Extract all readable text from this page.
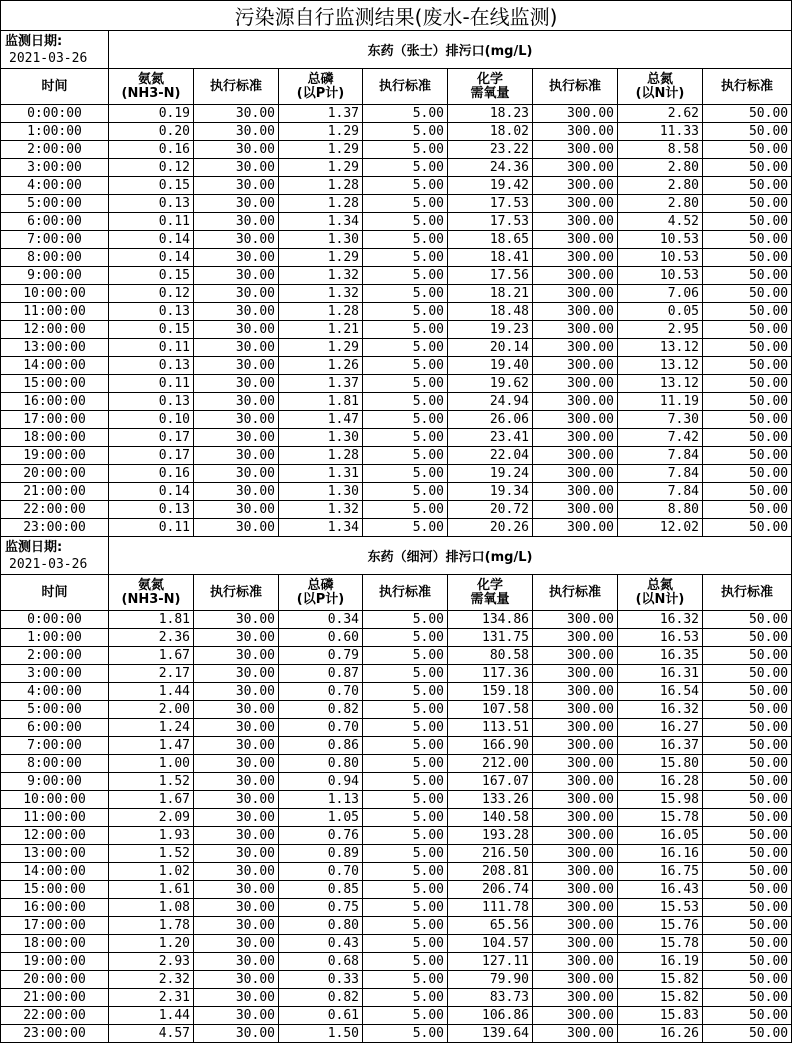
污染源自行监测结果(废水-在线监测)								

监测日期:
2021-03-26	东药（张士）排污口(mg/L)							
时间	氨氮
(NH3-N)	执行标准	总磷
(以P计)	执行标准	化学
需氧量	执行标准	总氮
(以N计)	执行标准
0:00:00	0.19	30.00	1.37	5.00	18.23	300.00	2.62	50.00
1:00:00	0.20	30.00	1.29	5.00	18.02	300.00	11.33	50.00
2:00:00	0.16	30.00	1.29	5.00	23.22	300.00	8.58	50.00
3:00:00	0.12	30.00	1.29	5.00	24.36	300.00	2.80	50.00
4:00:00	0.15	30.00	1.28	5.00	19.42	300.00	2.80	50.00
5:00:00	0.13	30.00	1.28	5.00	17.53	300.00	2.80	50.00
6:00:00	0.11	30.00	1.34	5.00	17.53	300.00	4.52	50.00
7:00:00	0.14	30.00	1.30	5.00	18.65	300.00	10.53	50.00
8:00:00	0.14	30.00	1.29	5.00	18.41	300.00	10.53	50.00
9:00:00	0.15	30.00	1.32	5.00	17.56	300.00	10.53	50.00
10:00:00	0.12	30.00	1.32	5.00	18.21	300.00	7.06	50.00
11:00:00	0.13	30.00	1.28	5.00	18.48	300.00	0.05	50.00
12:00:00	0.15	30.00	1.21	5.00	19.23	300.00	2.95	50.00
13:00:00	0.11	30.00	1.29	5.00	20.14	300.00	13.12	50.00
14:00:00	0.13	30.00	1.26	5.00	19.40	300.00	13.12	50.00
15:00:00	0.11	30.00	1.37	5.00	19.62	300.00	13.12	50.00
16:00:00	0.13	30.00	1.81	5.00	24.94	300.00	11.19	50.00
17:00:00	0.10	30.00	1.47	5.00	26.06	300.00	7.30	50.00
18:00:00	0.17	30.00	1.30	5.00	23.41	300.00	7.42	50.00
19:00:00	0.17	30.00	1.28	5.00	22.04	300.00	7.84	50.00
20:00:00	0.16	30.00	1.31	5.00	19.24	300.00	7.84	50.00
21:00:00	0.14	30.00	1.30	5.00	19.34	300.00	7.84	50.00
22:00:00	0.13	30.00	1.32	5.00	20.72	300.00	8.80	50.00
23:00:00	0.11	30.00	1.34	5.00	20.26	300.00	12.02	50.00

监测日期:
2021-03-26	东药（细河）排污口(mg/L)							
时间	氨氮
(NH3-N)	执行标准	总磷
(以P计)	执行标准	化学
需氧量	执行标准	总氮
(以N计)	执行标准
0:00:00	1.81	30.00	0.34	5.00	134.86	300.00	16.32	50.00
1:00:00	2.36	30.00	0.60	5.00	131.75	300.00	16.53	50.00
2:00:00	1.67	30.00	0.79	5.00	80.58	300.00	16.35	50.00
3:00:00	2.17	30.00	0.87	5.00	117.36	300.00	16.31	50.00
4:00:00	1.44	30.00	0.70	5.00	159.18	300.00	16.54	50.00
5:00:00	2.00	30.00	0.82	5.00	107.58	300.00	16.32	50.00
6:00:00	1.24	30.00	0.70	5.00	113.51	300.00	16.27	50.00
7:00:00	1.47	30.00	0.86	5.00	166.90	300.00	16.37	50.00
8:00:00	1.00	30.00	0.80	5.00	212.00	300.00	15.80	50.00
9:00:00	1.52	30.00	0.94	5.00	167.07	300.00	16.28	50.00
10:00:00	1.67	30.00	1.13	5.00	133.26	300.00	15.98	50.00
11:00:00	2.09	30.00	1.05	5.00	140.58	300.00	15.78	50.00
12:00:00	1.93	30.00	0.76	5.00	193.28	300.00	16.05	50.00
13:00:00	1.52	30.00	0.89	5.00	216.50	300.00	16.16	50.00
14:00:00	1.02	30.00	0.70	5.00	208.81	300.00	16.75	50.00
15:00:00	1.61	30.00	0.85	5.00	206.74	300.00	16.43	50.00
16:00:00	1.08	30.00	0.75	5.00	111.78	300.00	15.53	50.00
17:00:00	1.78	30.00	0.80	5.00	65.56	300.00	15.76	50.00
18:00:00	1.20	30.00	0.43	5.00	104.57	300.00	15.78	50.00
19:00:00	2.93	30.00	0.68	5.00	127.11	300.00	16.19	50.00
20:00:00	2.32	30.00	0.33	5.00	79.90	300.00	15.82	50.00
21:00:00	2.31	30.00	0.82	5.00	83.73	300.00	15.82	50.00
22:00:00	1.44	30.00	0.61	5.00	106.86	300.00	15.83	50.00
23:00:00	4.57	30.00	1.50	5.00	139.64	300.00	16.26	50.00
